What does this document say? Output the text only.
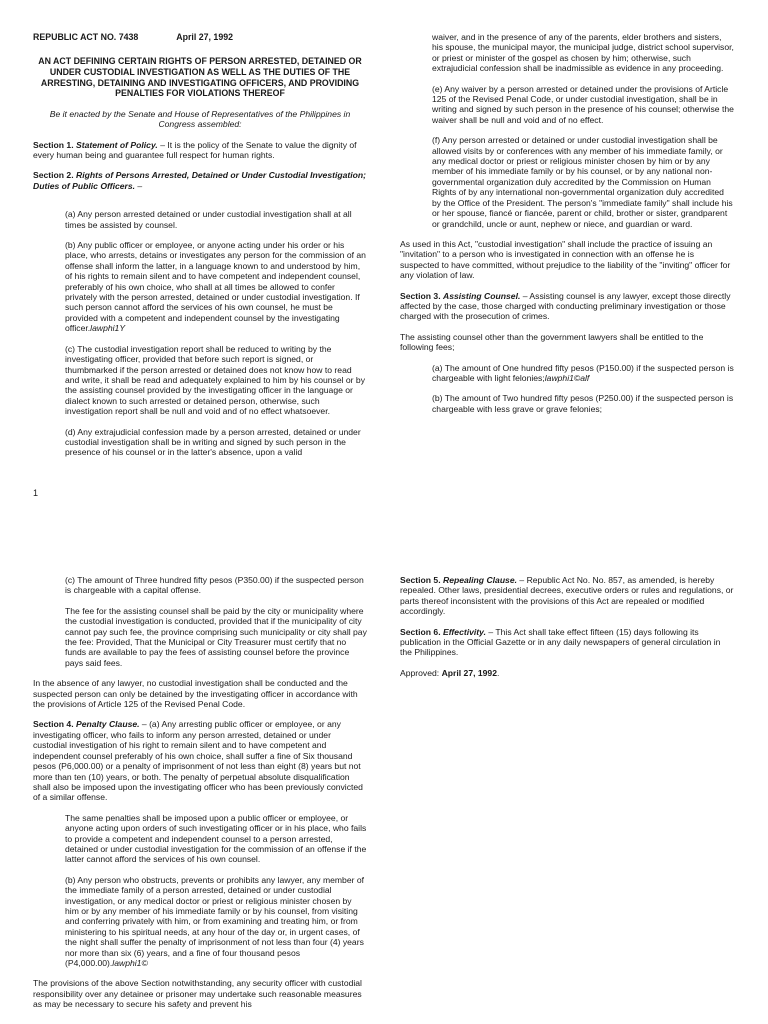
REPUBLIC ACT NO. 7438	April 27, 1992

AN ACT DEFINING CERTAIN RIGHTS OF PERSON ARRESTED, DETAINED OR UNDER CUSTODIAL INVESTIGATION AS WELL AS THE DUTIES OF THE ARRESTING, DETAINING AND INVESTIGATING OFFICERS, AND PROVIDING PENALTIES FOR VIOLATIONS THEREOF

Be it enacted by the Senate and House of Representatives of the Philippines in Congress assembled:

Section 1. Statement of Policy. – It is the policy of the Senate to value the dignity of every human being and guarantee full respect for human rights.

Section 2. Rights of Persons Arrested, Detained or Under Custodial Investigation; Duties of Public Officers. –

(a) Any person arrested detained or under custodial investigation shall at all times be assisted by counsel.

(b) Any public officer or employee, or anyone acting under his order or his place, who arrests, detains or investigates any person for the commission of an offense shall inform the latter, in a language known to and understood by him, of his rights to remain silent and to have competent and independent counsel, preferably of his own choice, who shall at all times be allowed to confer privately with the person arrested, detained or under custodial investigation. If such person cannot afford the services of his own counsel, he must be provided with a competent and independent counsel by the investigating officer.lawphi1Y

(c) The custodial investigation report shall be reduced to writing by the investigating officer, provided that before such report is signed, or thumbmarked if the person arrested or detained does not know how to read and write, it shall be read and adequately explained to him by his counsel or by the assisting counsel provided by the investigating officer in the language or dialect known to such arrested or detained person, otherwise, such investigation report shall be null and void and of no effect whatsoever.

(d) Any extrajudicial confession made by a person arrested, detained or under custodial investigation shall be in writing and signed by such person in the presence of his counsel or in the latter's absence, upon a valid

1

waiver, and in the presence of any of the parents, elder brothers and sisters, his spouse, the municipal mayor, the municipal judge, district school supervisor, or priest or minister of the gospel as chosen by him; otherwise, such extrajudicial confession shall be inadmissible as evidence in any proceeding.

(e) Any waiver by a person arrested or detained under the provisions of Article 125 of the Revised Penal Code, or under custodial investigation, shall be in writing and signed by such person in the presence of his counsel; otherwise the waiver shall be null and void and of no effect.

(f) Any person arrested or detained or under custodial investigation shall be allowed visits by or conferences with any member of his immediate family, or any medical doctor or priest or religious minister chosen by him or by any member of his immediate family or by his counsel, or by any national non-governmental organization duly accredited by the Commission on Human Rights of by any international non-governmental organization duly accredited by the Office of the President. The person's "immediate family" shall include his or her spouse, fiancé or fiancée, parent or child, brother or sister, grandparent or grandchild, uncle or aunt, nephew or niece, and guardian or ward.

As used in this Act, "custodial investigation" shall include the practice of issuing an "invitation" to a person who is investigated in connection with an offense he is suspected to have committed, without prejudice to the liability of the "inviting" officer for any violation of law.

Section 3. Assisting Counsel. – Assisting counsel is any lawyer, except those directly affected by the case, those charged with conducting preliminary investigation or those charged with the prosecution of crimes.

The assisting counsel other than the government lawyers shall be entitled to the following fees;

(a) The amount of One hundred fifty pesos (P150.00) if the suspected person is chargeable with light felonies;lawphi1©alf

(b) The amount of Two hundred fifty pesos (P250.00) if the suspected person is chargeable with less grave or grave felonies;

(c) The amount of Three hundred fifty pesos (P350.00) if the suspected person is chargeable with a capital offense.

The fee for the assisting counsel shall be paid by the city or municipality where the custodial investigation is conducted, provided that if the municipality of city cannot pay such fee, the province comprising such municipality or city shall pay the fee: Provided, That the Municipal or City Treasurer must certify that no funds are available to pay the fees of assisting counsel before the province pays said fees.

In the absence of any lawyer, no custodial investigation shall be conducted and the suspected person can only be detained by the investigating officer in accordance with the provisions of Article 125 of the Revised Penal Code.

Section 4. Penalty Clause. – (a) Any arresting public officer or employee, or any investigating officer, who fails to inform any person arrested, detained or under custodial investigation of his right to remain silent and to have competent and independent counsel preferably of his own choice, shall suffer a fine of Six thousand pesos (P6,000.00) or a penalty of imprisonment of not less than eight (8) years but not more than ten (10) years, or both. The penalty of perpetual absolute disqualification shall also be imposed upon the investigating officer who has been previously convicted of a similar offense.

The same penalties shall be imposed upon a public officer or employee, or anyone acting upon orders of such investigating officer or in his place, who fails to provide a competent and independent counsel to a person arrested, detained or under custodial investigation for the commission of an offense if the latter cannot afford the services of his own counsel.

(b) Any person who obstructs, prevents or prohibits any lawyer, any member of the immediate family of a person arrested, detained or under custodial investigation, or any medical doctor or priest or religious minister chosen by him or by any member of his immediate family or by his counsel, from visiting and conferring privately with him, or from examining and treating him, or from ministering to his spiritual needs, at any hour of the day or, in urgent cases, of the night shall suffer the penalty of imprisonment of not less than four (4) years nor more than six (6) years, and a fine of four thousand pesos (P4,000.00).lawphi1©

The provisions of the above Section notwithstanding, any security officer with custodial responsibility over any detainee or prisoner may undertake such reasonable measures as may be necessary to secure his safety and prevent his

Section 5. Repealing Clause. – Republic Act No. No. 857, as amended, is hereby repealed. Other laws, presidential decrees, executive orders or rules and regulations, or parts thereof inconsistent with the provisions of this Act are repealed or modified accordingly.

Section 6. Effectivity. – This Act shall take effect fifteen (15) days following its publication in the Official Gazette or in any daily newspapers of general circulation in the Philippines.

Approved: April 27, 1992.
